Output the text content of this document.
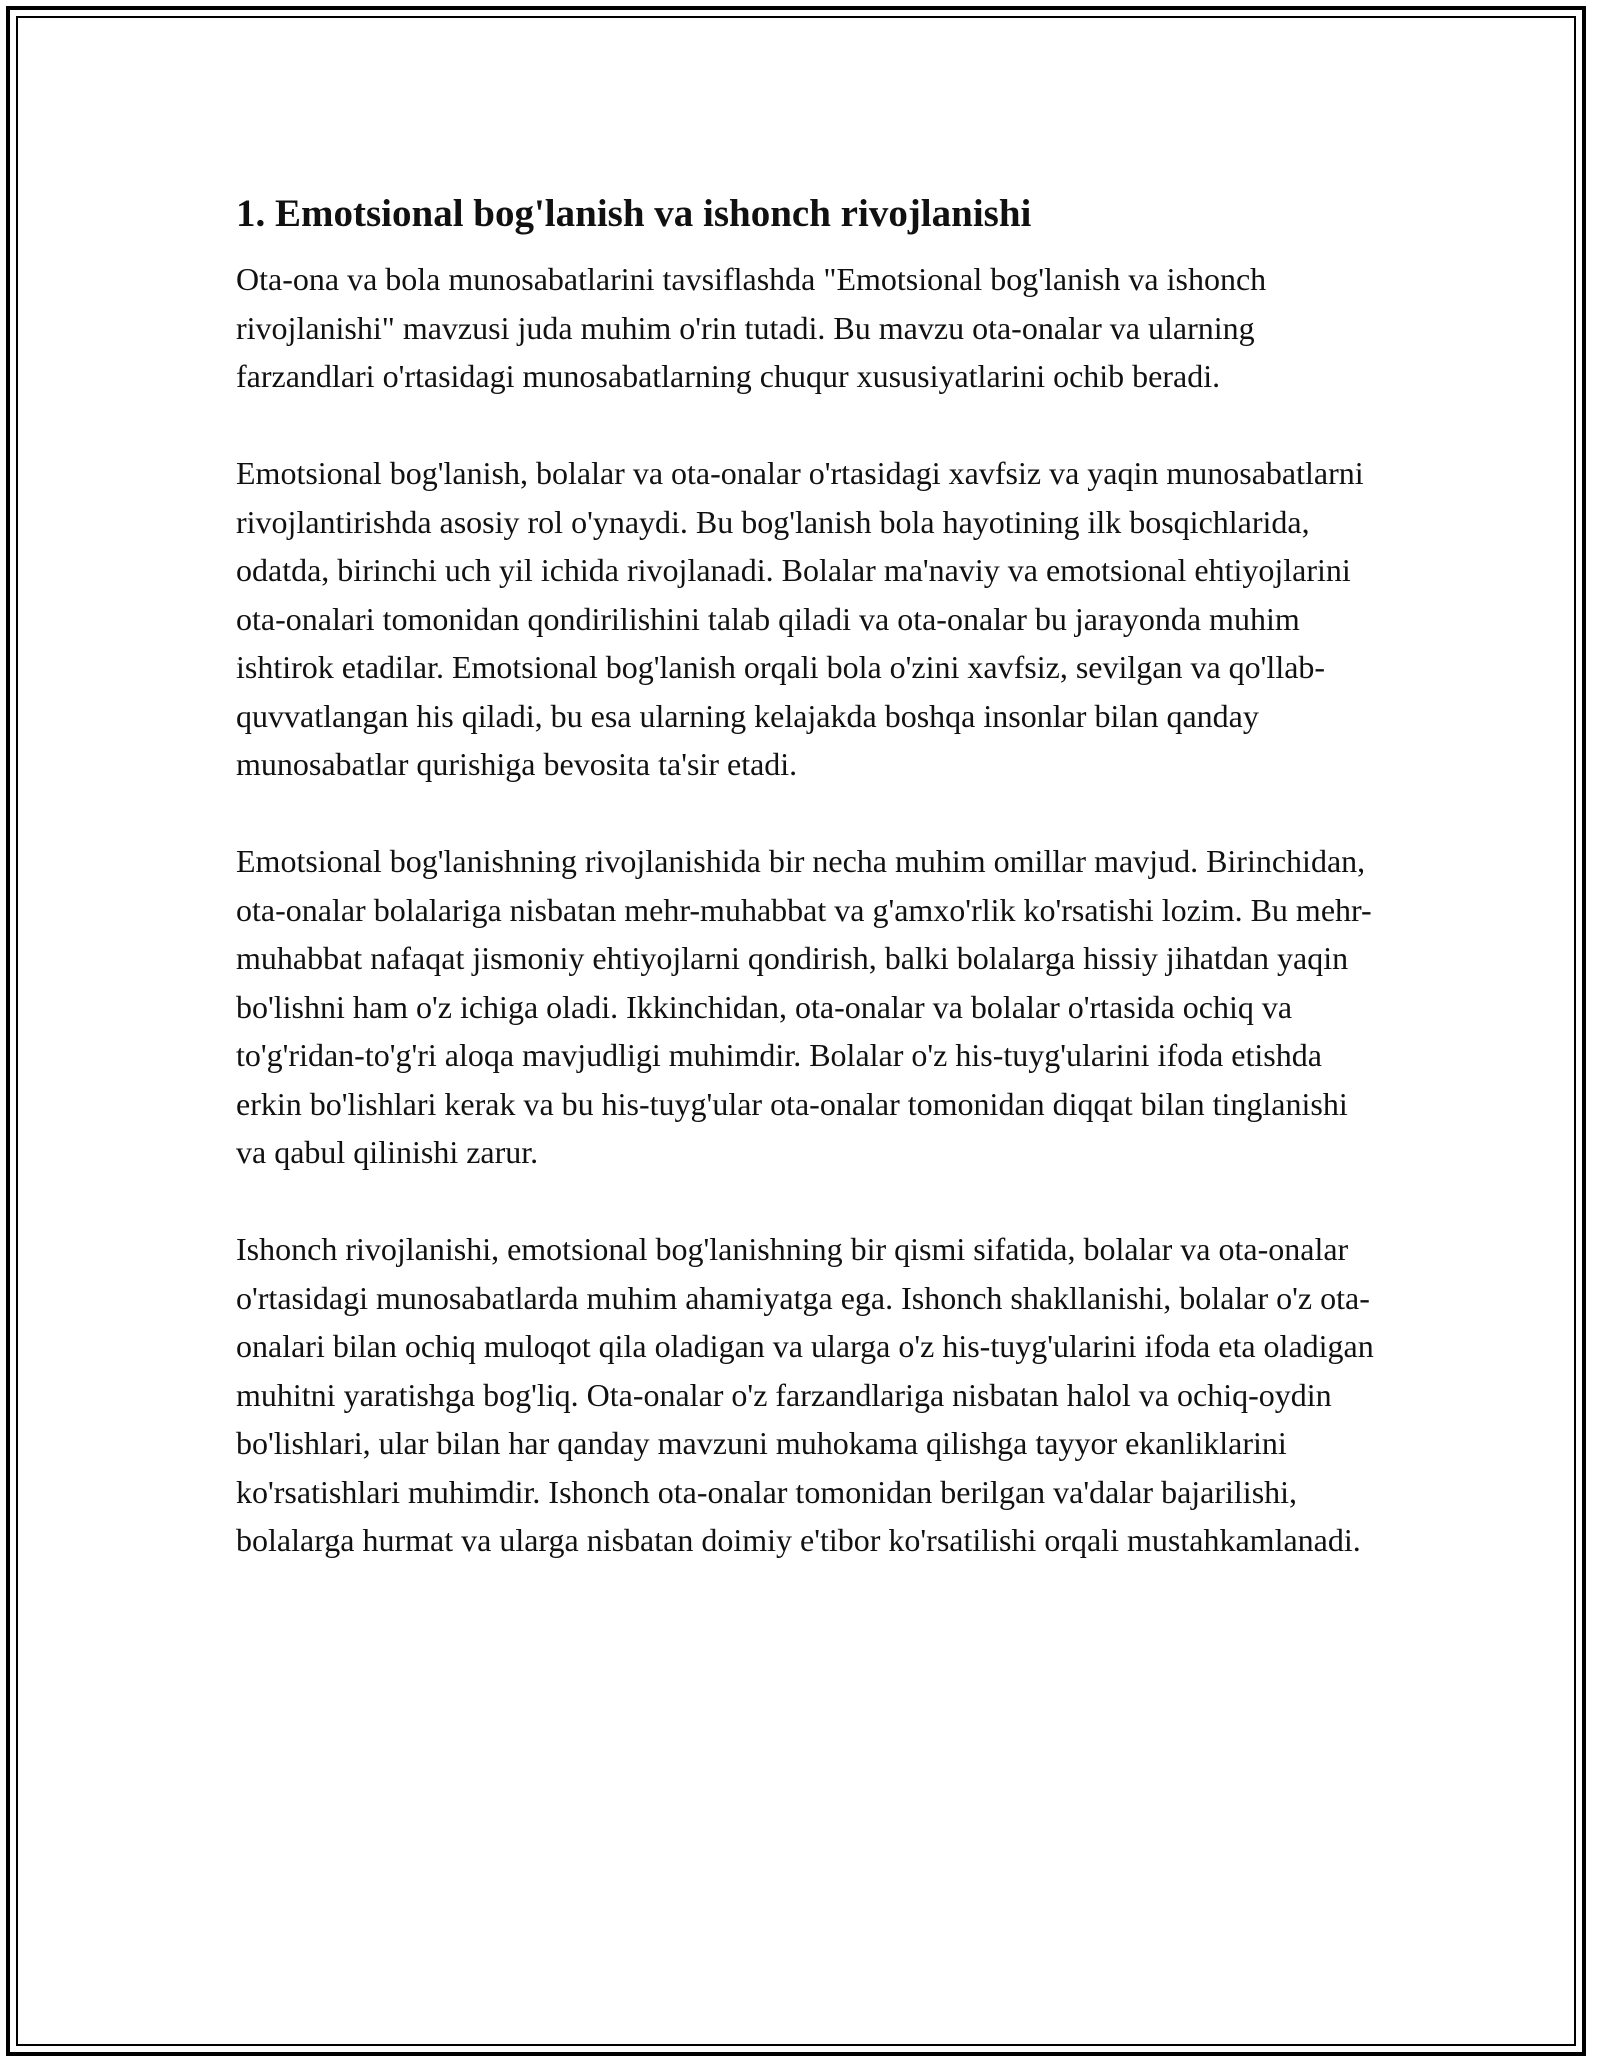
1. Emotsional bog'lanish va ishonch rivojlanishi

Ota-ona va bola munosabatlarini tavsiflashda "Emotsional bog'lanish va ishonch rivojlanishi" mavzusi juda muhim o'rin tutadi. Bu mavzu ota-onalar va ularning farzandlari o'rtasidagi munosabatlarning chuqur xususiyatlarini ochib beradi.

Emotsional bog'lanish, bolalar va ota-onalar o'rtasidagi xavfsiz va yaqin munosabatlarni rivojlantirishda asosiy rol o'ynaydi. Bu bog'lanish bola hayotining ilk bosqichlarida, odatda, birinchi uch yil ichida rivojlanadi. Bolalar ma'naviy va emotsional ehtiyojlarini ota-onalari tomonidan qondirilishini talab qiladi va ota-onalar bu jarayonda muhim ishtirok etadilar. Emotsional bog'lanish orqali bola o'zini xavfsiz, sevilgan va qo'llab-quvvatlangan his qiladi, bu esa ularning kelajakda boshqa insonlar bilan qanday munosabatlar qurishiga bevosita ta'sir etadi.

Emotsional bog'lanishning rivojlanishida bir necha muhim omillar mavjud. Birinchidan, ota-onalar bolalariga nisbatan mehr-muhabbat va g'amxo'rlik ko'rsatishi lozim. Bu mehr-muhabbat nafaqat jismoniy ehtiyojlarni qondirish, balki bolalarga hissiy jihatdan yaqin bo'lishni ham o'z ichiga oladi. Ikkinchidan, ota-onalar va bolalar o'rtasida ochiq va to'g'ridan-to'g'ri aloqa mavjudligi muhimdir. Bolalar o'z his-tuyg'ularini ifoda etishda erkin bo'lishlari kerak va bu his-tuyg'ular ota-onalar tomonidan diqqat bilan tinglanishi va qabul qilinishi zarur.

Ishonch rivojlanishi, emotsional bog'lanishning bir qismi sifatida, bolalar va ota-onalar o'rtasidagi munosabatlarda muhim ahamiyatga ega. Ishonch shakllanishi, bolalar o'z ota-onalari bilan ochiq muloqot qila oladigan va ularga o'z his-tuyg'ularini ifoda eta oladigan muhitni yaratishga bog'liq. Ota-onalar o'z farzandlariga nisbatan halol va ochiq-oydin bo'lishlari, ular bilan har qanday mavzuni muhokama qilishga tayyor ekanliklarini ko'rsatishlari muhimdir. Ishonch ota-onalar tomonidan berilgan va'dalar bajarilishi, bolalarga hurmat va ularga nisbatan doimiy e'tibor ko'rsatilishi orqali mustahkamlanadi.
